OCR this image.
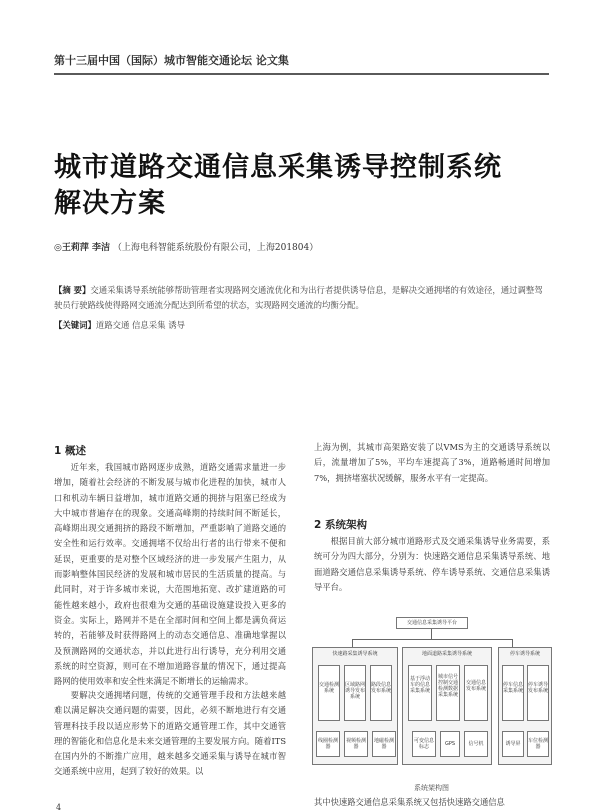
第十三届中国（国际）城市智能交通论坛 论文集
城市道路交通信息采集诱导控制系统
解决方案
◎王莉萍 李洁 （上海电科智能系统股份有限公司，上海201804）
【摘 要】交通采集诱导系统能够帮助管理者实现路网交通流优化和为出行者提供诱导信息，是解决交通拥堵的有效途径，通过调整驾驶员行驶路线使得路网交通流分配达到所希望的状态，实现路网交通流的均衡分配。
【关键词】道路交通 信息采集 诱导
1 概述
近年来，我国城市路网逐步成熟，道路交通需求量进一步增加，随着社会经济的不断发展与城市化进程的加快，城市人口和机动车辆日益增加，城市道路交通的拥挤与阻塞已经成为大中城市普遍存在的现象。交通高峰期的持续时间不断延长，高峰期出现交通拥挤的路段不断增加，严重影响了道路交通的安全性和运行效率。交通拥堵不仅给出行者的出行带来不便和延误，更重要的是对整个区域经济的进一步发展产生阻力，从而影响整体国民经济的发展和城市居民的生活质量的提高。与此同时，对于许多城市来说，大范围地拓宽、改扩建道路的可能性越来越小，政府也很难为交通的基础设施建设投入更多的资金。实际上，路网并不是在全部时间和空间上都是满负荷运转的，若能够及时获得路网上的动态交通信息、准确地掌握以及预测路网的交通状态，并以此进行出行诱导，充分利用交通系统的时空资源，则可在不增加道路容量的情况下，通过提高路网的使用效率和安全性来满足不断增长的运输需求。
要解决交通拥堵问题，传统的交通管理手段和方法越来越难以满足解决交通问题的需要，因此，必须不断地进行有交通管理科技手段以适应形势下的道路交通管理工作，其中交通管理的智能化和信息化是未来交通管理的主要发展方向。随着ITS在国内外的不断推广应用，越来越多交通采集与诱导在城市智交通系统中应用，起到了较好的效果。以
上海为例，其城市高架路安装了以VMS为主的交通诱导系统以后，流量增加了5%，平均车速提高了3%，道路畅通时间增加7%，拥挤堵塞状况缓解，服务水平有一定提高。
2 系统架构
根据目前大部分城市道路形式及交通采集诱导业务需要，系统可分为四大部分，分别为：快速路交通信息采集诱导系统、地面道路交通信息采集诱导系统、停车诱导系统、交通信息采集诱导平台。
交通信息采集诱导平台
快速路采集诱导系统
交通检测系统
区域路网诱导发布系统
路段信息发布系统
地面道路采集诱导系统
基于浮动车的信息采集系统
城市信号控制交通检测数据采集系统
交通信息发布系统
停车诱导系统
停车信息采集系统
停车诱导发布系统
线圈检测器
视频检测器
地磁检测器
可变信息标志	GPS	信号机	诱导屏	车位检测器
系统架构图
其中快速路交通信息采集系统又包括快速路交通信息
4
